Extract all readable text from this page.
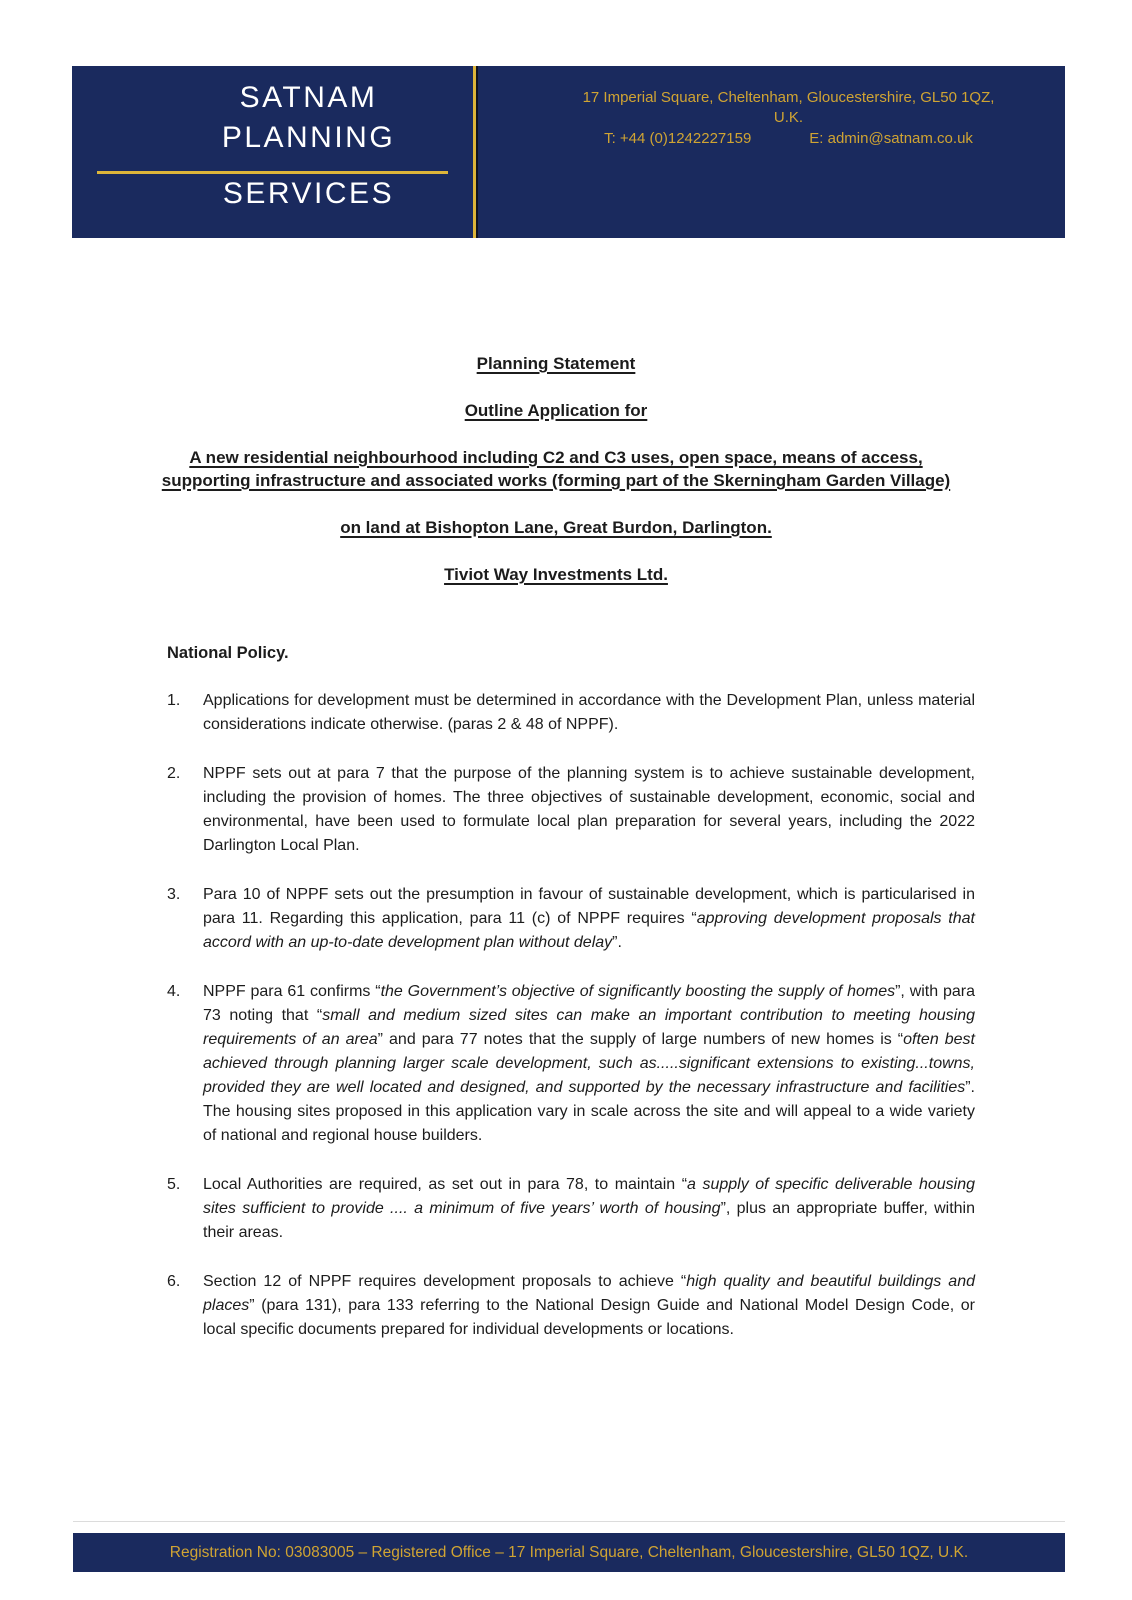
SATNAM
PLANNING
SERVICES
17 Imperial Square, Cheltenham, Gloucestershire, GL50 1QZ,
U.K.
T: +44 (0)1242227159	E: admin@satnam.co.uk
Planning Statement
Outline Application for
A new residential neighbourhood including C2 and C3 uses, open space, means of access, supporting infrastructure and associated works (forming part of the Skerningham Garden Village)
on land at Bishopton Lane, Great Burdon, Darlington.
Tiviot Way Investments Ltd.
National Policy.
1.	Applications for development must be determined in accordance with the Development Plan, unless material considerations indicate otherwise. (paras 2 & 48 of NPPF).
2.	NPPF sets out at para 7 that the purpose of the planning system is to achieve sustainable development, including the provision of homes. The three objectives of sustainable development, economic, social and environmental, have been used to formulate local plan preparation for several years, including the 2022 Darlington Local Plan.
3.	Para 10 of NPPF sets out the presumption in favour of sustainable development, which is particularised in para 11. Regarding this application, para 11 (c) of NPPF requires “approving development proposals that accord with an up-to-date development plan without delay”.
4.	NPPF para 61 confirms “the Government’s objective of significantly boosting the supply of homes”, with para 73 noting that “small and medium sized sites can make an important contribution to meeting housing requirements of an area” and para 77 notes that the supply of large numbers of new homes is “often best achieved through planning larger scale development, such as.....significant extensions to existing...towns, provided they are well located and designed, and supported by the necessary infrastructure and facilities”. The housing sites proposed in this application vary in scale across the site and will appeal to a wide variety of national and regional house builders.
5.	Local Authorities are required, as set out in para 78, to maintain “a supply of specific deliverable housing sites sufficient to provide .... a minimum of five years’ worth of housing”, plus an appropriate buffer, within their areas.
6.	Section 12 of NPPF requires development proposals to achieve “high quality and beautiful buildings and places” (para 131), para 133 referring to the National Design Guide and National Model Design Code, or local specific documents prepared for individual developments or locations.
Registration No: 03083005 – Registered Office – 17 Imperial Square, Cheltenham, Gloucestershire, GL50 1QZ, U.K.
